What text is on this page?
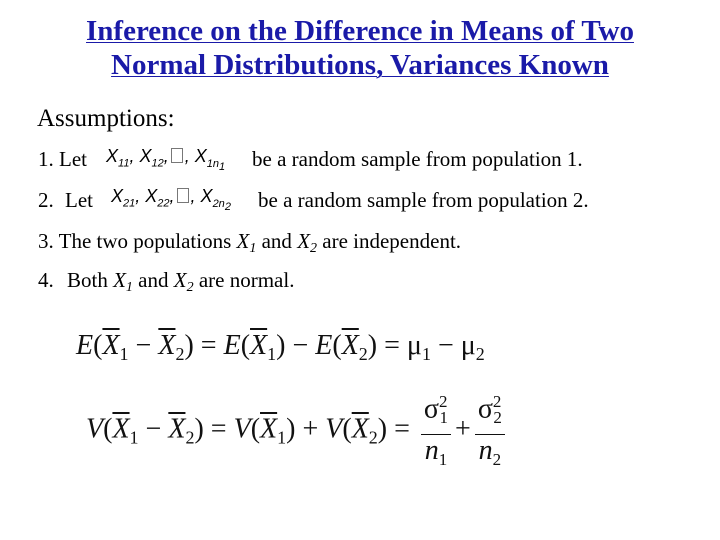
Inference on the Difference in Means of Two
Normal Distributions, Variances Known
Assumptions:
1. Let $X_{11}$, $X_{12}$, , $X_{1n_1}$ be a random sample from population 1.
2. Let $X_{21}$, $X_{22}$, , $X_{2n_2}$ be a random sample from population 2.
3. The two populations $X_1$ and $X_2$ are independent.
4. Both $X_1$ and $X_2$ are normal.
$E(\overline{X}_1 - \overline{X}_2) = E(\overline{X}_1) - E(\overline{X}_2) = \mu_1 - \mu_2$
$V(\overline{X}_1 - \overline{X}_2) = V(\overline{X}_1) + V(\overline{X}_2) = \frac{\sigma^2_1}{n_1} + \frac{\sigma^2_2}{n_2}$
